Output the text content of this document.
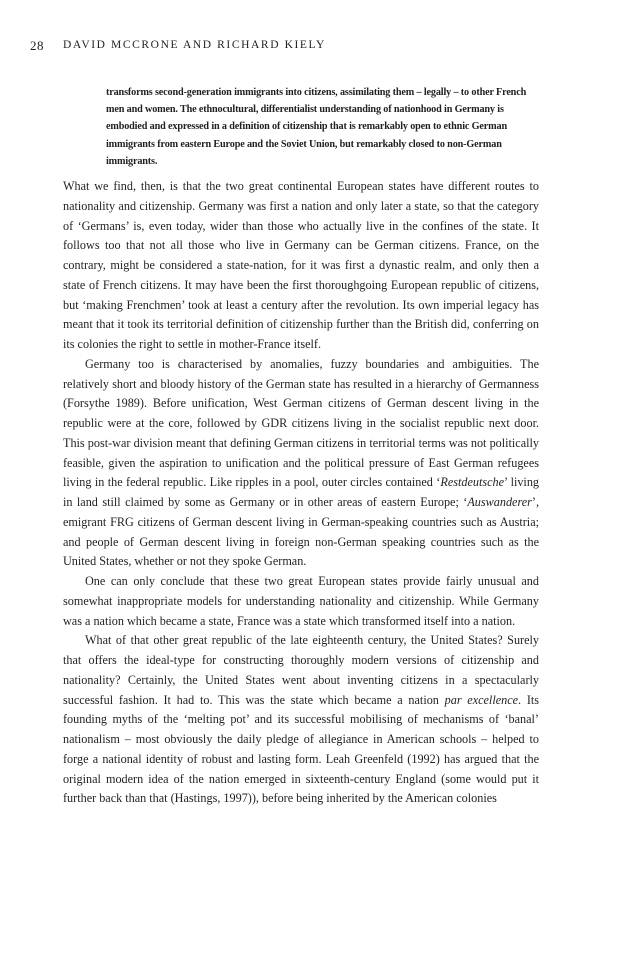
28 DAVID MCCRONE AND RICHARD KIELY

transforms second-generation immigrants into citizens, assimilating them – legally – to other French men and women. The ethnocultural, differentialist understanding of nationhood in Germany is embodied and expressed in a definition of citizenship that is remarkably open to ethnic German immigrants from eastern Europe and the Soviet Union, but remarkably closed to non-German immigrants.

What we find, then, is that the two great continental European states have different routes to nationality and citizenship. Germany was first a nation and only later a state, so that the category of ‘Germans’ is, even today, wider than those who actually live in the confines of the state. It follows too that not all those who live in Germany can be German citizens. France, on the contrary, might be considered a state-nation, for it was first a dynastic realm, and only then a state of French citizens. It may have been the first thoroughgoing European republic of citizens, but ‘making Frenchmen’ took at least a century after the revolution. Its own imperial legacy has meant that it took its territorial definition of citizenship further than the British did, conferring on its colonies the right to settle in mother-France itself.

Germany too is characterised by anomalies, fuzzy boundaries and ambiguities. The relatively short and bloody history of the German state has resulted in a hierarchy of Germanness (Forsythe 1989). Before unification, West German citizens of German descent living in the republic were at the core, followed by GDR citizens living in the socialist republic next door. This post-war division meant that defining German citizens in territorial terms was not politically feasible, given the aspiration to unification and the political pressure of East German refugees living in the federal republic. Like ripples in a pool, outer circles contained ‘Restdeutsche’ living in land still claimed by some as Germany or in other areas of eastern Europe; ‘Auswanderer’, emigrant FRG citizens of German descent living in German-speaking countries such as Austria; and people of German descent living in foreign non-German speaking countries such as the United States, whether or not they spoke German.

One can only conclude that these two great European states provide fairly unusual and somewhat inappropriate models for understanding nationality and citizenship. While Germany was a nation which became a state, France was a state which transformed itself into a nation.

What of that other great republic of the late eighteenth century, the United States? Surely that offers the ideal-type for constructing thoroughly modern versions of citizenship and nationality? Certainly, the United States went about inventing citizens in a spectacularly successful fashion. It had to. This was the state which became a nation par excellence. Its founding myths of the ‘melting pot’ and its successful mobilising of mechanisms of ‘banal’ nationalism – most obviously the daily pledge of allegiance in American schools – helped to forge a national identity of robust and lasting form. Leah Greenfeld (1992) has argued that the original modern idea of the nation emerged in sixteenth-century England (some would put it further back than that (Hastings, 1997)), before being inherited by the American colonies
